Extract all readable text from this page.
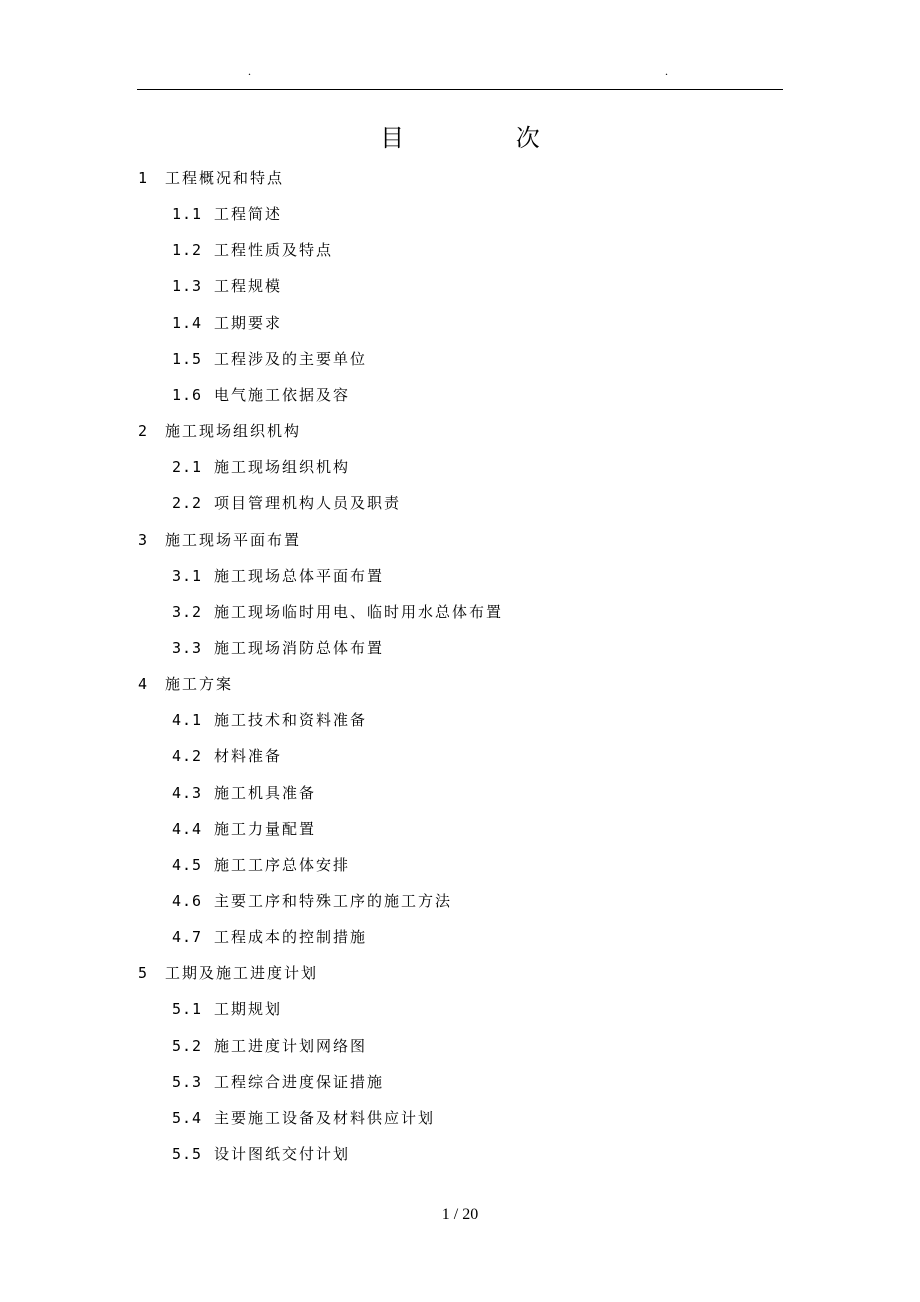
.	.
目 次
1 工程概况和特点
1.1 工程简述
1.2 工程性质及特点
1.3 工程规模
1.4 工期要求
1.5 工程涉及的主要单位
1.6 电气施工依据及容
2 施工现场组织机构
2.1 施工现场组织机构
2.2 项目管理机构人员及职责
3 施工现场平面布置
3.1 施工现场总体平面布置
3.2 施工现场临时用电、临时用水总体布置
3.3 施工现场消防总体布置
4 施工方案
4.1 施工技术和资料准备
4.2 材料准备
4.3 施工机具准备
4.4 施工力量配置
4.5 施工工序总体安排
4.6 主要工序和特殊工序的施工方法
4.7 工程成本的控制措施
5 工期及施工进度计划
5.1 工期规划
5.2 施工进度计划网络图
5.3 工程综合进度保证措施
5.4 主要施工设备及材料供应计划
5.5 设计图纸交付计划
1 / 20
